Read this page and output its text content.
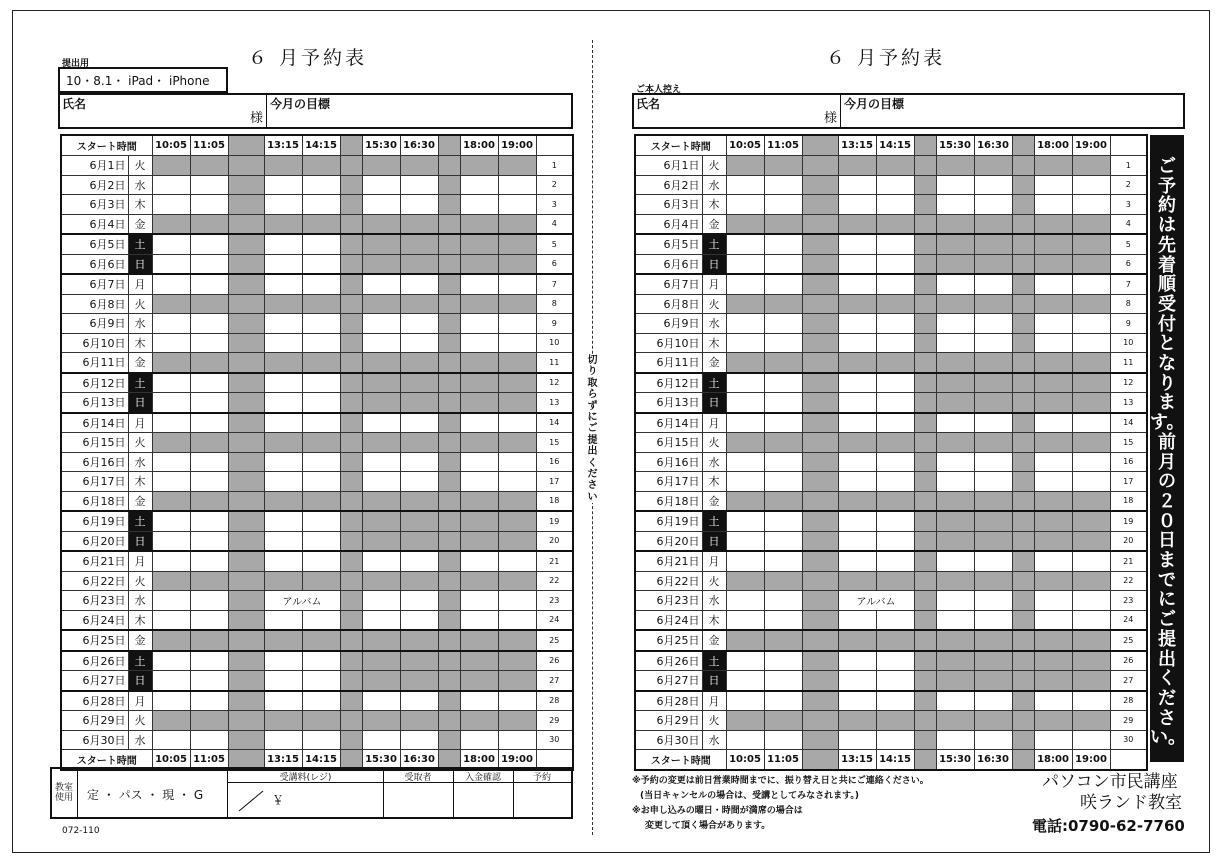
提出用	６ 月予約表
10・8.1・ iPad・ iPhone
氏名
様
今月の目標
スタート時間		10:05	11:05		13:15	14:15		15:30	16:30		18:00	19:00	
6月1日	火												1
6月2日	水												2
6月3日	木												3
6月4日	金												4
6月5日	土												5
6月6日	日												6
6月7日	月												7
6月8日	火												8
6月9日	水												9
6月10日	木												10
6月11日	金												11
6月12日	土												12
6月13日	日												13
6月14日	月												14
6月15日	火												15
6月16日	水												16
6月17日	木												17
6月18日	金												18
6月19日	土												19
6月20日	日												20
6月21日	月												21
6月22日	火												22
6月23日	水				アルバム								23
6月24日	木												24
6月25日	金												25
6月26日	土												26
6月27日	日												27
6月28日	月												28
6月29日	火												29
6月30日	水												30
スタート時間		10:05	11:05		13:15	14:15		15:30	16:30		18:00	19:00	
教室使用 定 ・ パス ・ 現 ・ G
受講料(レジ)
￥
受取者	入金確認	予約
072-110
切り取らずにご提出ください
ご本人控え
６ 月予約表
氏名
様
今月の目標
スタート時間		10:05	11:05		13:15	14:15		15:30	16:30		18:00	19:00	
6月1日	火												1
6月2日	水												2
6月3日	木												3
6月4日	金												4
6月5日	土												5
6月6日	日												6
6月7日	月												7
6月8日	火												8
6月9日	水												9
6月10日	木												10
6月11日	金												11
6月12日	土												12
6月13日	日												13
6月14日	月												14
6月15日	火												15
6月16日	水												16
6月17日	木												17
6月18日	金												18
6月19日	土												19
6月20日	日												20
6月21日	月												21
6月22日	火												22
6月23日	水				アルバム								23
6月24日	木												24
6月25日	金												25
6月26日	土												26
6月27日	日												27
6月28日	月												28
6月29日	火												29
6月30日	水												30
スタート時間		10:05	11:05		13:15	14:15		15:30	16:30		18:00	19:00	
ご予約は先着順受付となります。前月の２０日までにご提出ください。
※予約の変更は前日営業時間までに、振り替え日と共にご連絡ください。
(当日キャンセルの場合は、受講としてみなされます。)
※お申し込みの曜日・時間が満席の場合は
変更して頂く場合があります。
パソコン市民講座
咲ランド教室
電話:0790-62-7760
